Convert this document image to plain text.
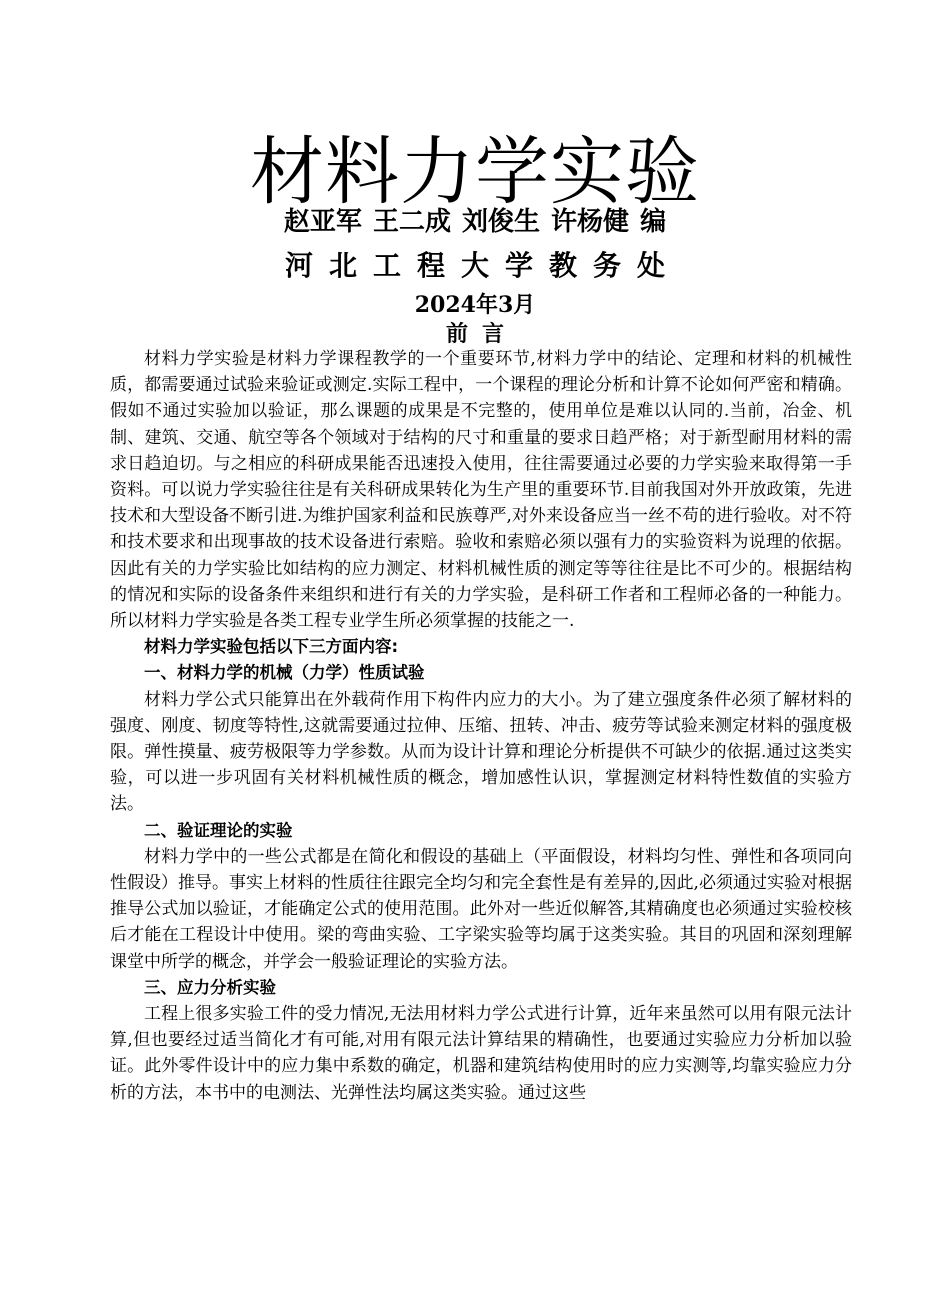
材料力学实验
赵亚军 王二成 刘俊生 许杨健 编
河北工程大学教务处
2024年3月
前言

材料力学实验是材料力学课程教学的一个重要环节,材料力学中的结论、定理和材料的机械性质，都需要通过试验来验证或测定.实际工程中，一个课程的理论分析和计算不论如何严密和精确。假如不通过实验加以验证，那么课题的成果是不完整的，使用单位是难以认同的.当前，冶金、机制、建筑、交通、航空等各个领域对于结构的尺寸和重量的要求日趋严格；对于新型耐用材料的需求日趋迫切。与之相应的科研成果能否迅速投入使用，往往需要通过必要的力学实验来取得第一手资料。可以说力学实验往往是有关科研成果转化为生产里的重要环节.目前我国对外开放政策，先进技术和大型设备不断引进.为维护国家利益和民族尊严,对外来设备应当一丝不苟的进行验收。对不符和技术要求和出现事故的技术设备进行索赔。验收和索赔必须以强有力的实验资料为说理的依据。因此有关的力学实验比如结构的应力测定、材料机械性质的测定等等往往是比不可少的。根据结构的情况和实际的设备条件来组织和进行有关的力学实验，是科研工作者和工程师必备的一种能力。所以材料力学实验是各类工程专业学生所必须掌握的技能之一.

材料力学实验包括以下三方面内容:

一、材料力学的机械（力学）性质试验

材料力学公式只能算出在外载荷作用下构件内应力的大小。为了建立强度条件必须了解材料的强度、刚度、韧度等特性,这就需要通过拉伸、压缩、扭转、冲击、疲劳等试验来测定材料的强度极限。弹性摸量、疲劳极限等力学参数。从而为设计计算和理论分析提供不可缺少的依据.通过这类实验，可以进一步巩固有关材料机械性质的概念，增加感性认识，掌握测定材料特性数值的实验方法。

二、验证理论的实验

材料力学中的一些公式都是在简化和假设的基础上（平面假设，材料均匀性、弹性和各项同向性假设）推导。事实上材料的性质往往跟完全均匀和完全套性是有差异的,因此,必须通过实验对根据推导公式加以验证，才能确定公式的使用范围。此外对一些近似解答,其精确度也必须通过实验校核后才能在工程设计中使用。梁的弯曲实验、工字梁实验等均属于这类实验。其目的巩固和深刻理解课堂中所学的概念，并学会一般验证理论的实验方法。

三、应力分析实验

工程上很多实验工件的受力情况,无法用材料力学公式进行计算，近年来虽然可以用有限元法计算,但也要经过适当简化才有可能,对用有限元法计算结果的精确性，也要通过实验应力分析加以验证。此外零件设计中的应力集中系数的确定，机器和建筑结构使用时的应力实测等,均靠实验应力分析的方法，本书中的电测法、光弹性法均属这类实验。通过这些
